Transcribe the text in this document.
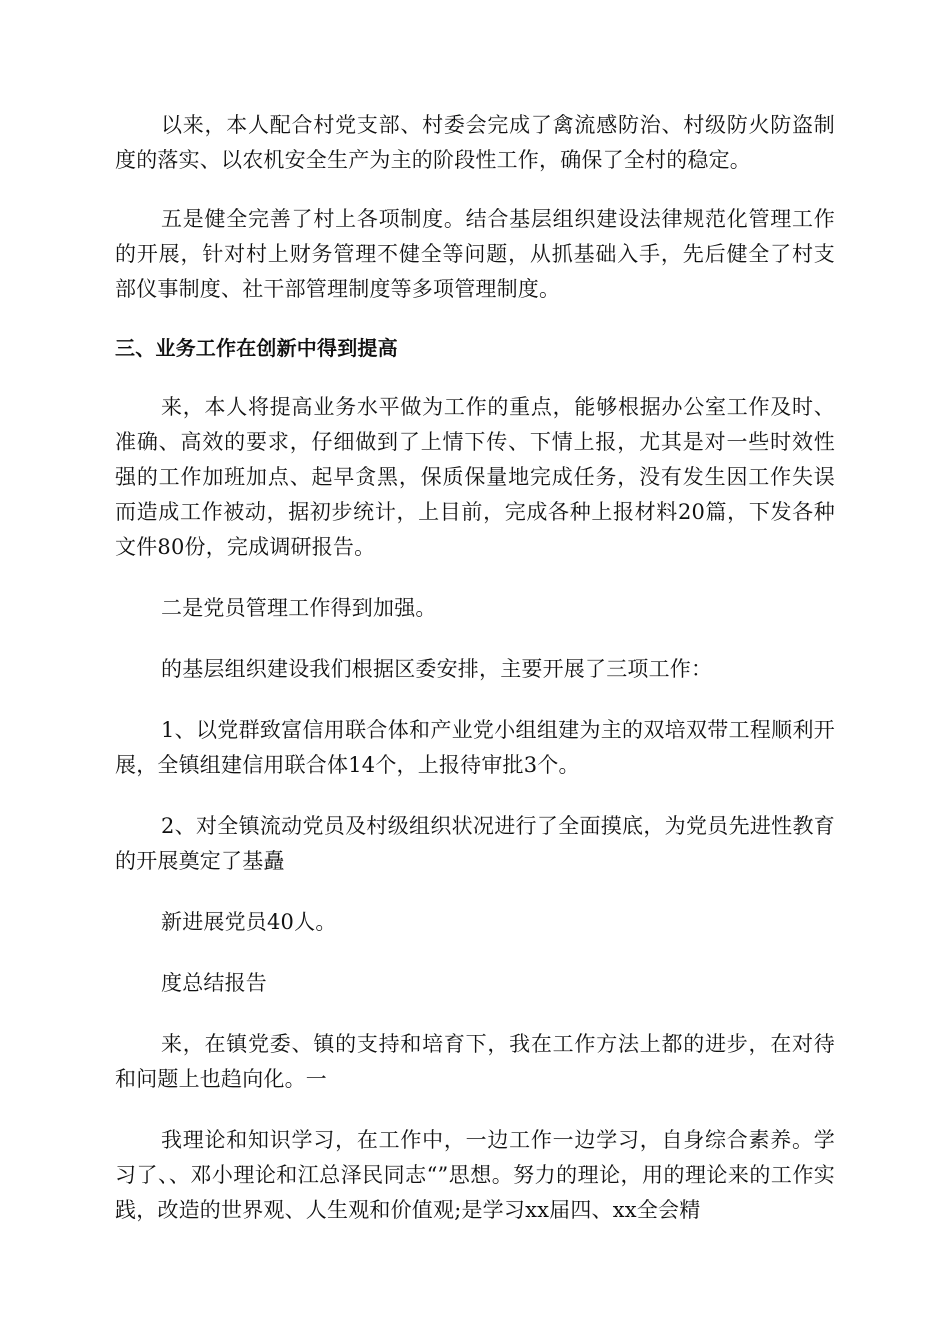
以来，本人配合村党支部、村委会完成了禽流感防治、村级防火防盗制度的落实、以农机安全生产为主的阶段性工作，确保了全村的稳定。

五是健全完善了村上各项制度。结合基层组织建设法律规范化管理工作的开展，针对村上财务管理不健全等问题，从抓基础入手，先后健全了村支部仪事制度、社干部管理制度等多项管理制度。

三、业务工作在创新中得到提高

来，本人将提高业务水平做为工作的重点，能够根据办公室工作及时、准确、高效的要求，仔细做到了上情下传、下情上报，尤其是对一些时效性强的工作加班加点、起早贪黑，保质保量地完成任务，没有发生因工作失误而造成工作被动，据初步统计，上目前，完成各种上报材料20篇，下发各种文件80份，完成调研报告。

二是党员管理工作得到加强。

的基层组织建设我们根据区委安排，主要开展了三项工作：

1、以党群致富信用联合体和产业党小组组建为主的双培双带工程顺利开展，全镇组建信用联合体14个，上报待审批3个。

2、对全镇流动党员及村级组织状况进行了全面摸底，为党员先进性教育的开展奠定了基矗

新进展党员40人。

度总结报告

来，在镇党委、镇的支持和培育下，我在工作方法上都的进步，在对待和问题上也趋向化。一

我理论和知识学习，在工作中，一边工作一边学习，自身综合素养。学习了、、邓小理论和江总泽民同志“”思想。努力的理论，用的理论来的工作实践，改造的世界观、人生观和价值观;是学习xx届四、xx全会精
